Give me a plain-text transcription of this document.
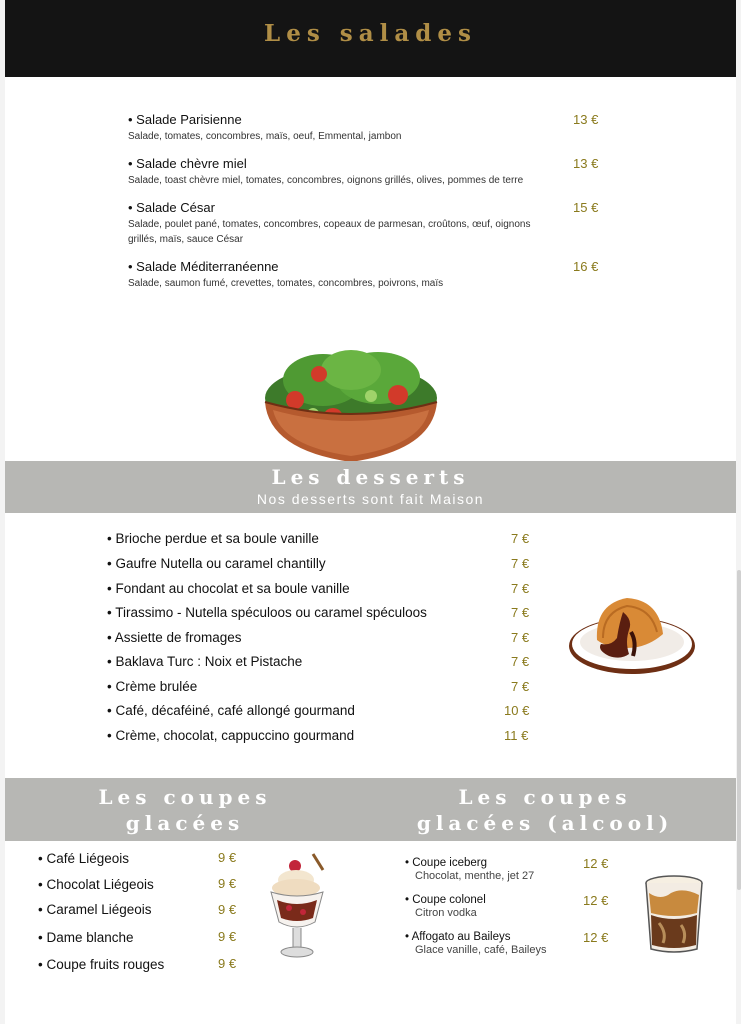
Les salades
• Salade Parisienne
Salade, tomates, concombres, maïs, oeuf, Emmental, jambon
13 €
• Salade chèvre miel
Salade, toast chèvre miel, tomates, concombres, oignons grillés, olives, pommes de terre
13 €
• Salade César
Salade, poulet pané, tomates, concombres, copeaux de parmesan, croûtons, œuf, oignons grillés, maïs, sauce César
15 €
• Salade Méditerranéenne
Salade, saumon fumé, crevettes, tomates, concombres, poivrons, maïs
16 €
Les desserts
Nos desserts sont fait Maison
• Brioche perdue et sa boule vanille	7 €
• Gaufre Nutella ou caramel chantilly	7 €
• Fondant au chocolat et sa boule vanille	7 €
• Tirassimo - Nutella spéculoos ou caramel spéculoos	7 €
• Assiette de fromages	7 €
• Baklava Turc : Noix et Pistache	7 €
• Crème brulée	7 €
• Café, décaféiné, café allongé gourmand	10 €
• Crème, chocolat, cappuccino gourmand	11 €
Les coupes
glacées
Les coupes
glacées (alcool)
• Café Liégeois	9 €
• Chocolat Liégeois	9 €
• Caramel Liégeois	9 €
• Dame blanche	9 €
• Coupe fruits rouges	9 €
• Coupe iceberg
Chocolat, menthe, jet 27
12 €
• Coupe colonel
Citron vodka
12 €
• Affogato au Baileys
Glace vanille, café, Baileys
12 €
